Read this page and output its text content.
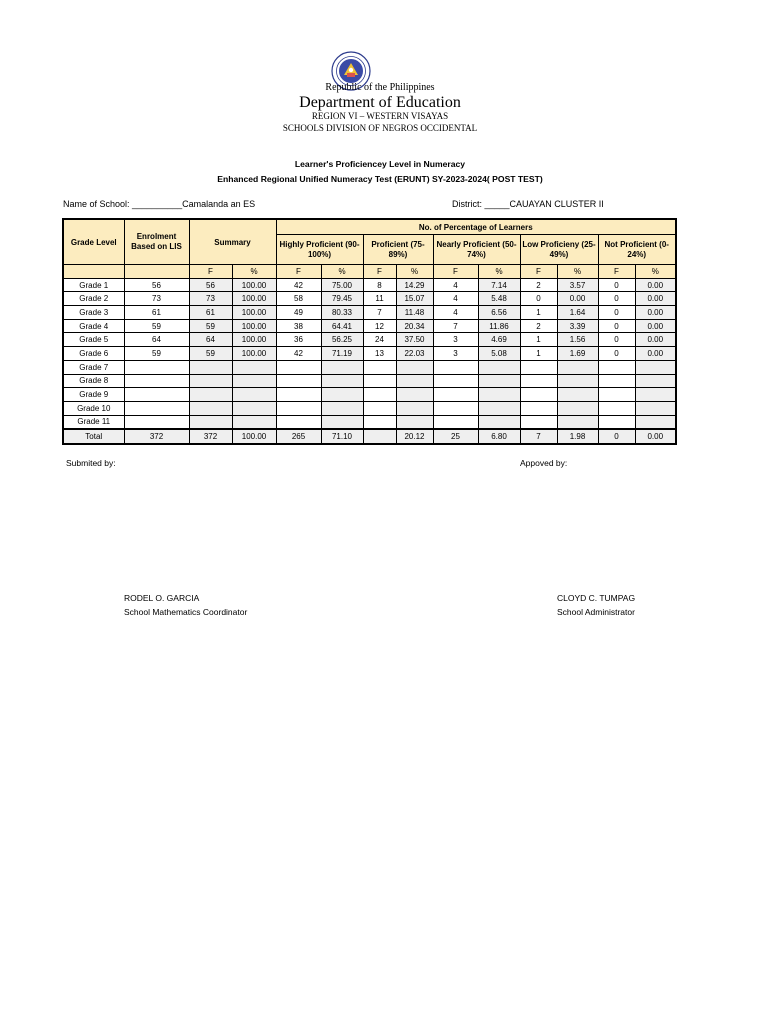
Republic of the Philippines
Department of Education
REGION VI – WESTERN VISAYAS
SCHOOLS DIVISION OF NEGROS OCCIDENTAL
Learner's Proficiencey Level in Numeracy
Enhanced Regional Unified Numeracy Test (ERUNT) SY-2023-2024( POST TEST)
Name of School: __________Camalanda an ES	District: _____CAUAYAN CLUSTER II
Grade Level	Enrolment Based on LIS	Summary		No. of Percentage of Learners									
				Highly Proficient (90-100%)		Proficient (75-89%)		Nearly Proficient (50-74%)		Low Proficieny (25-49%)		Not Proficient (0-24%)	
		F	%	F	%	F	%	F	%	F	%	F	%
Grade 1	56	56	100.00	42	75.00	8	14.29	4	7.14	2	3.57	0	0.00
Grade 2	73	73	100.00	58	79.45	11	15.07	4	5.48	0	0.00	0	0.00
Grade 3	61	61	100.00	49	80.33	7	11.48	4	6.56	1	1.64	0	0.00
Grade 4	59	59	100.00	38	64.41	12	20.34	7	11.86	2	3.39	0	0.00
Grade 5	64	64	100.00	36	56.25	24	37.50	3	4.69	1	1.56	0	0.00
Grade 6	59	59	100.00	42	71.19	13	22.03	3	5.08	1	1.69	0	0.00
Grade 7													
Grade 8													
Grade 9													
Grade 10													
Grade 11													
Total	372	372	100.00	265	71.10		20.12	25	6.80	7	1.98	0	0.00
Submited by:	Appoved by:
RODEL O. GARCIA
School Mathematics Coordinator
CLOYD C. TUMPAG
School Administrator
